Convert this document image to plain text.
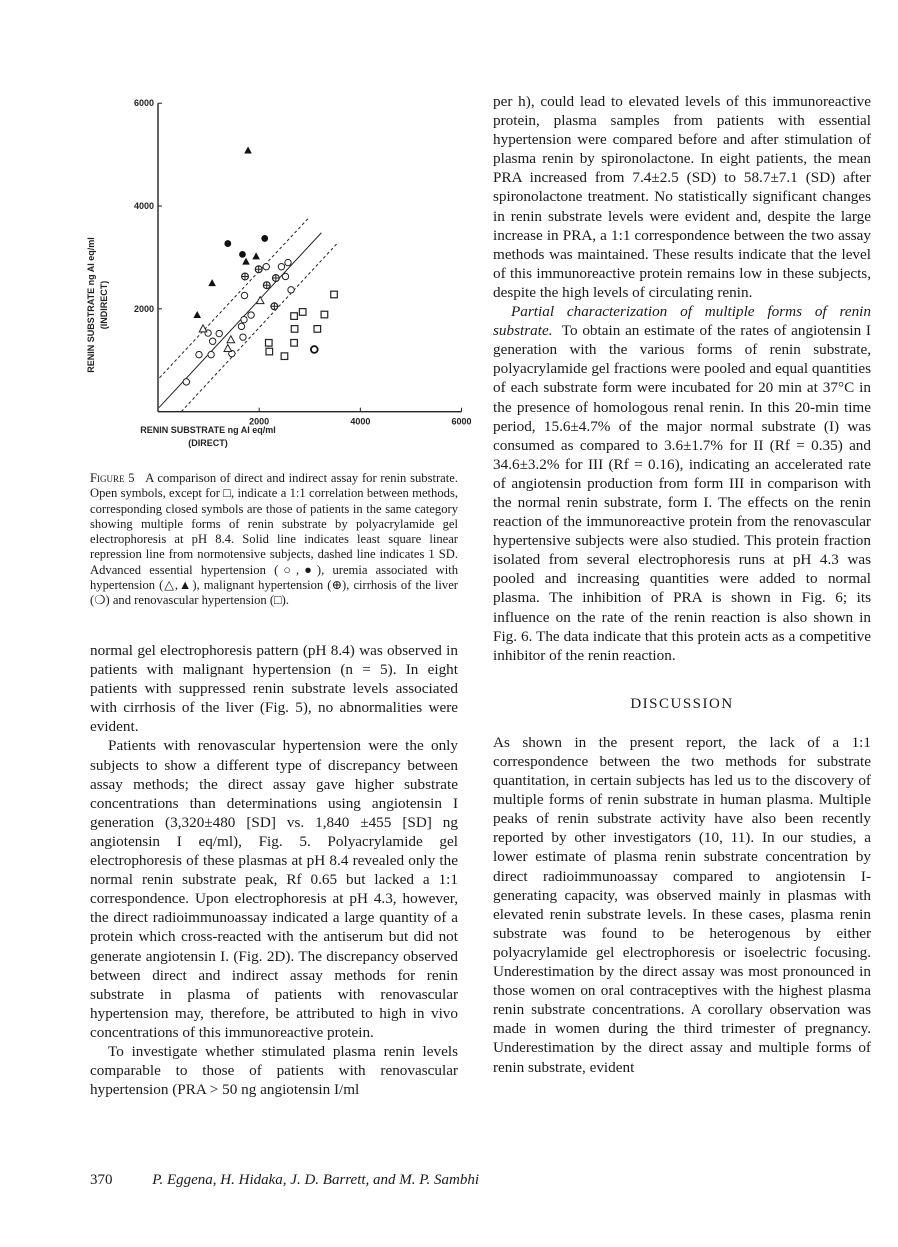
2000	4000	6000
2000
4000
6000
RENIN SUBSTRATE ng AI eq/ml
(DIRECT)
RENIN SUBSTRATE ng AI eq/ml (INDIRECT)
Figure 5 A comparison of direct and indirect assay for renin substrate. Open symbols, except for □, indicate a 1:1 correlation between methods, corresponding closed symbols are those of patients in the same category showing multiple forms of renin substrate by polyacrylamide gel electrophoresis at pH 8.4. Solid line indicates least square linear repression line from normotensive subjects, dashed line indicates 1 SD. Advanced essential hypertension (○,●), uremia associated with hypertension (△,▲), malignant hypertension (⊕), cirrhosis of the liver (❍) and renovascular hypertension (□).

normal gel electrophoresis pattern (pH 8.4) was observed in patients with malignant hypertension (n = 5). In eight patients with suppressed renin substrate levels associated with cirrhosis of the liver (Fig. 5), no abnormalities were evident.

Patients with renovascular hypertension were the only subjects to show a different type of discrepancy between assay methods; the direct assay gave higher substrate concentrations than determinations using angiotensin I generation (3,320±480 [SD] vs. 1,840 ±455 [SD] ng angiotensin I eq/ml), Fig. 5. Polyacrylamide gel electrophoresis of these plasmas at pH 8.4 revealed only the normal renin substrate peak, Rf 0.65 but lacked a 1:1 correspondence. Upon electrophoresis at pH 4.3, however, the direct radioimmunoassay indicated a large quantity of a protein which cross-reacted with the antiserum but did not generate angiotensin I. (Fig. 2D). The discrepancy observed between direct and indirect assay methods for renin substrate in plasma of patients with renovascular hypertension may, therefore, be attributed to high in vivo concentrations of this immunoreactive protein.

To investigate whether stimulated plasma renin levels comparable to those of patients with renovascular hypertension (PRA > 50 ng angiotensin I/ml

per h), could lead to elevated levels of this immunoreactive protein, plasma samples from patients with essential hypertension were compared before and after stimulation of plasma renin by spironolactone. In eight patients, the mean PRA increased from 7.4±2.5 (SD) to 58.7±7.1 (SD) after spironolactone treatment. No statistically significant changes in renin substrate levels were evident and, despite the large increase in PRA, a 1:1 correspondence between the two assay methods was maintained. These results indicate that the level of this immunoreactive protein remains low in these subjects, despite the high levels of circulating renin.

Partial characterization of multiple forms of renin substrate. To obtain an estimate of the rates of angiotensin I generation with the various forms of renin substrate, polyacrylamide gel fractions were pooled and equal quantities of each substrate form were incubated for 20 min at 37°C in the presence of homologous renal renin. In this 20-min time period, 15.6±4.7% of the major normal substrate (I) was consumed as compared to 3.6±1.7% for II (Rf = 0.35) and 34.6±3.2% for III (Rf = 0.16), indicating an accelerated rate of angiotensin production from form III in comparison with the normal renin substrate, form I. The effects on the renin reaction of the immunoreactive protein from the renovascular hypertensive subjects were also studied. This protein fraction isolated from several electrophoresis runs at pH 4.3 was pooled and increasing quantities were added to normal plasma. The inhibition of PRA is shown in Fig. 6; its influence on the rate of the renin reaction is also shown in Fig. 6. The data indicate that this protein acts as a competitive inhibitor of the renin reaction.

DISCUSSION

As shown in the present report, the lack of a 1:1 correspondence between the two methods for substrate quantitation, in certain subjects has led us to the discovery of multiple forms of renin substrate in human plasma. Multiple peaks of renin substrate activity have also been recently reported by other investigators (10, 11). In our studies, a lower estimate of plasma renin substrate concentration by direct radioimmunoassay compared to angiotensin I-generating capacity, was observed mainly in plasmas with elevated renin substrate levels. In these cases, plasma renin substrate was found to be heterogenous by either polyacrylamide gel electrophoresis or isoelectric focusing. Underestimation by the direct assay was most pronounced in those women on oral contraceptives with the highest plasma renin substrate concentrations. A corollary observation was made in women during the third trimester of pregnancy. Underestimation by the direct assay and multiple forms of renin substrate, evident

370	P. Eggena, H. Hidaka, J. D. Barrett, and M. P. Sambhi
